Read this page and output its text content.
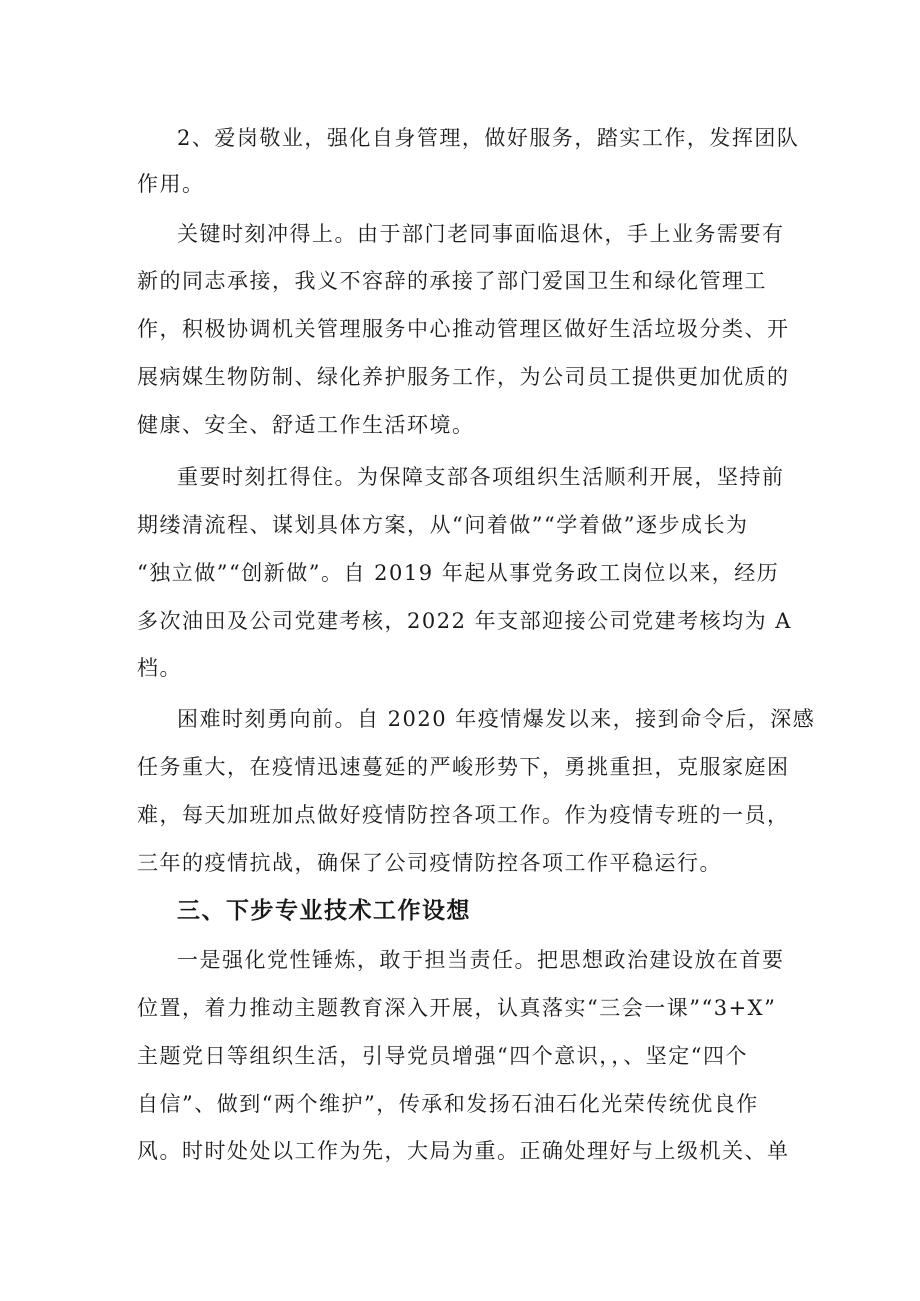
2、爱岗敬业，强化自身管理，做好服务，踏实工作，发挥团队
作用。
关键时刻冲得上。由于部门老同事面临退休，手上业务需要有
新的同志承接，我义不容辞的承接了部门爱国卫生和绿化管理工
作，积极协调机关管理服务中心推动管理区做好生活垃圾分类、开
展病媒生物防制、绿化养护服务工作，为公司员工提供更加优质的
健康、安全、舒适工作生活环境。
重要时刻扛得住。为保障支部各项组织生活顺利开展，坚持前
期缕清流程、谋划具体方案，从“问着做”“学着做”逐步成长为
“独立做”“创新做”。自 2019 年起从事党务政工岗位以来，经历
多次油田及公司党建考核，2022 年支部迎接公司党建考核均为 A
档。
困难时刻勇向前。自 2020 年疫情爆发以来，接到命令后，深感
任务重大，在疫情迅速蔓延的严峻形势下，勇挑重担，克服家庭困
难，每天加班加点做好疫情防控各项工作。作为疫情专班的一员，
三年的疫情抗战，确保了公司疫情防控各项工作平稳运行。
三、下步专业技术工作设想
一是强化党性锤炼，敢于担当责任。把思想政治建设放在首要
位置，着力推动主题教育深入开展，认真落实“三会一课”“3+X”
主题党日等组织生活，引导党员增强“四个意识，，、坚定“四个
自信”、做到“两个维护”，传承和发扬石油石化光荣传统优良作
风。时时处处以工作为先，大局为重。正确处理好与上级机关、单
